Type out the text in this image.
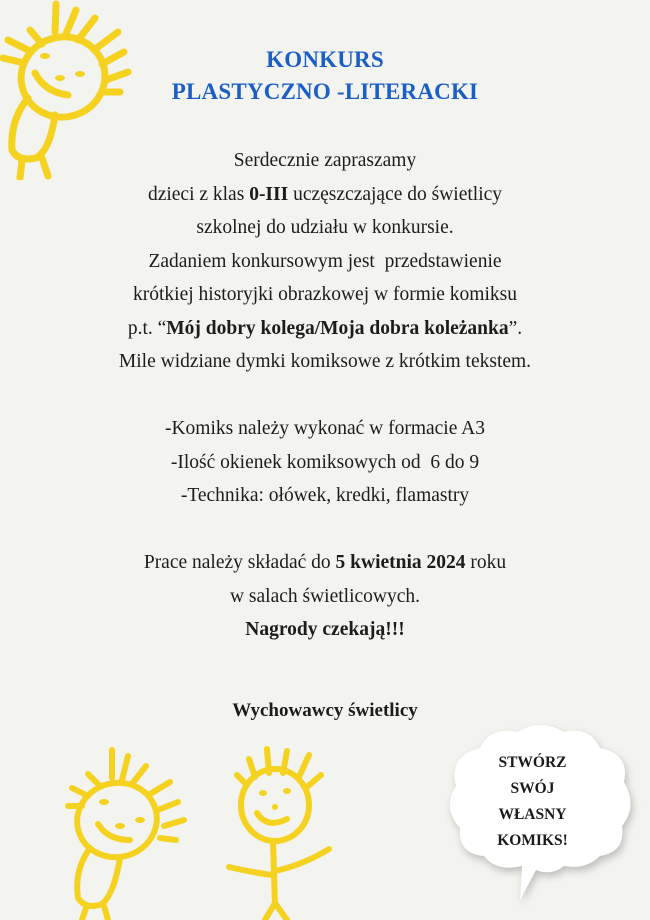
KONKURS
PLASTYCZNO -LITERACKI
Serdecznie zapraszamy
dzieci z klas 0-III uczęszczające do świetlicy
szkolnej do udziału w konkursie.
Zadaniem konkursowym jest  przedstawienie
krótkiej historyjki obrazkowej w formie komiksu
p.t. “Mój dobry kolega/Moja dobra koleżanka”.
Mile widziane dymki komiksowe z krótkim tekstem.
-Komiks należy wykonać w formacie A3
-Ilość okienek komiksowych od  6 do 9
-Technika: ołówek, kredki, flamastry
Prace należy składać do 5 kwietnia 2024 roku
w salach świetlicowych.
Nagrody czekają!!!
Wychowawcy świetlicy
STWÓRZ
SWÓJ
WŁASNY
KOMIKS!
